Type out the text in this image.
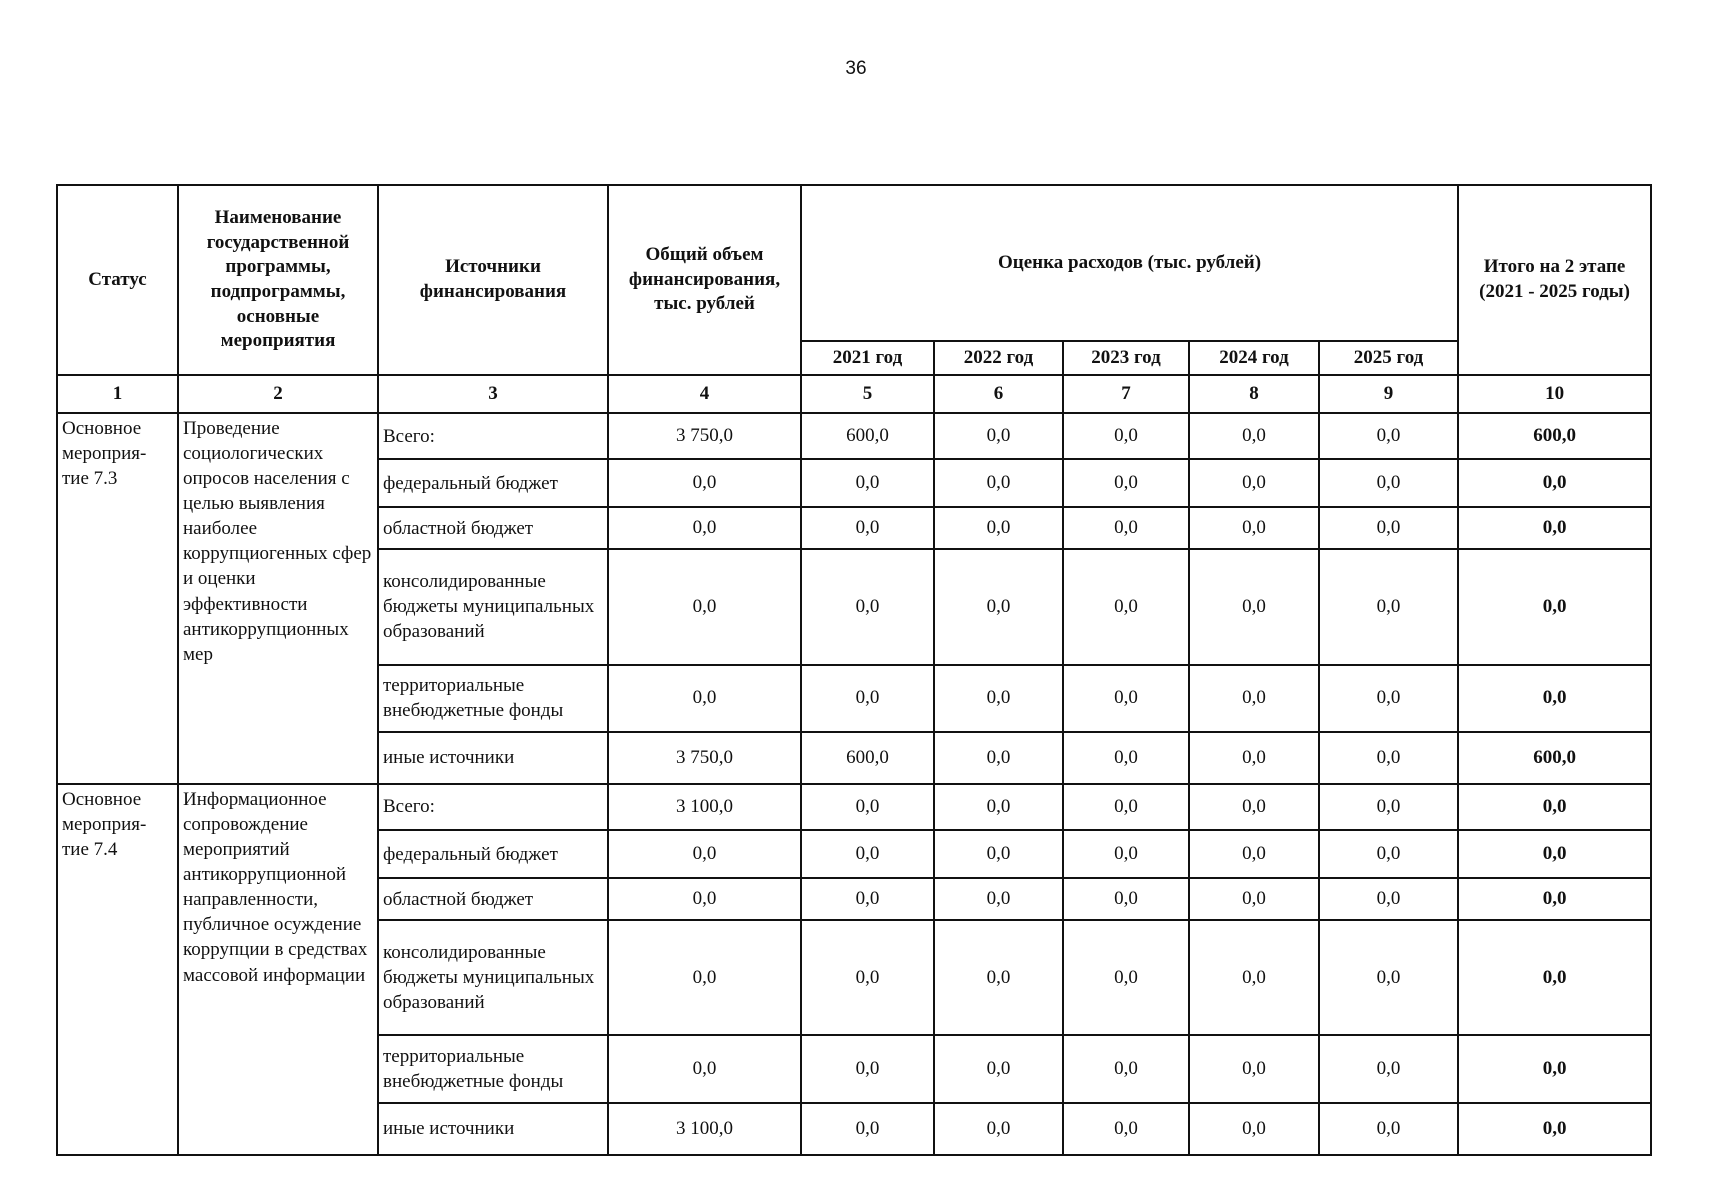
36
Статус	Наименование государственной программы, подпрограммы, основные мероприятия	Источники финансирования	Общий объем финансирования, тыс. рублей	Оценка расходов (тыс. рублей)					Итого на 2 этапе (2021 - 2025 годы)
				2021 год	2022 год	2023 год	2024 год	2025 год	
1	2	3	4	5	6	7	8	9	10
Основное мероприя-тие 7.3	Проведение социологических опросов населения с целью выявления наиболее коррупциогенных сфер и оценки эффективности антикоррупционных мер	Всего:	3 750,0	600,0	0,0	0,0	0,0	0,0	600,0
		федеральный бюджет	0,0	0,0	0,0	0,0	0,0	0,0	0,0
		областной бюджет	0,0	0,0	0,0	0,0	0,0	0,0	0,0
		консолидированные бюджеты муниципальных образований	0,0	0,0	0,0	0,0	0,0	0,0	0,0
		территориальные внебюджетные фонды	0,0	0,0	0,0	0,0	0,0	0,0	0,0
		иные источники	3 750,0	600,0	0,0	0,0	0,0	0,0	600,0
Основное мероприя-тие 7.4	Информационное сопровождение мероприятий антикоррупционной направленности, публичное осуждение коррупции в средствах массовой информации	Всего:	3 100,0	0,0	0,0	0,0	0,0	0,0	0,0
		федеральный бюджет	0,0	0,0	0,0	0,0	0,0	0,0	0,0
		областной бюджет	0,0	0,0	0,0	0,0	0,0	0,0	0,0
		консолидированные бюджеты муниципальных образований	0,0	0,0	0,0	0,0	0,0	0,0	0,0
		территориальные внебюджетные фонды	0,0	0,0	0,0	0,0	0,0	0,0	0,0
		иные источники	3 100,0	0,0	0,0	0,0	0,0	0,0	0,0
